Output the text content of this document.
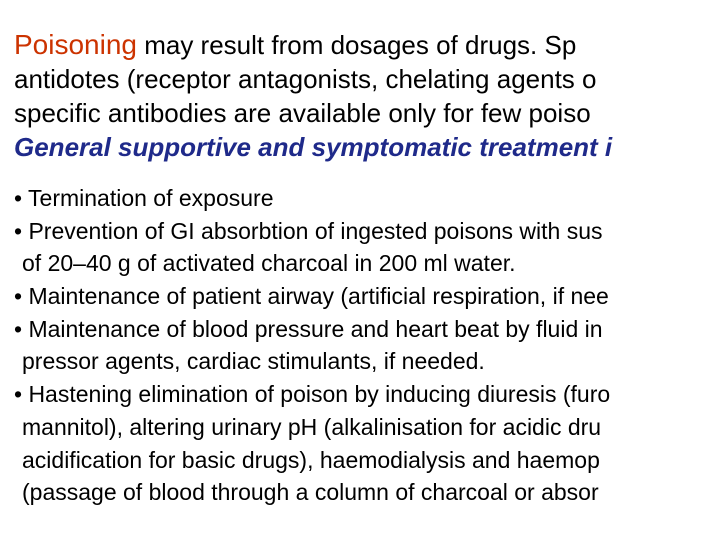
Poisoning may result from dosages of drugs. Sp
antidotes (receptor antagonists, chelating agents o
specific antibodies are available only for few poiso
General supportive and symptomatic treatment i
• Termination of exposure
• Prevention of GI absorbtion of ingested poisons with sus
of 20–40 g of activated charcoal in 200 ml water.
• Maintenance of patient airway (artificial respiration, if nee
• Maintenance of blood pressure and heart beat by fluid in
pressor agents, cardiac stimulants, if needed.
• Hastening elimination of poison by inducing diuresis (furo
mannitol), altering urinary pH (alkalinisation for acidic dru
acidification for basic drugs), haemodialysis and haemop
(passage of blood through a column of charcoal or absor
